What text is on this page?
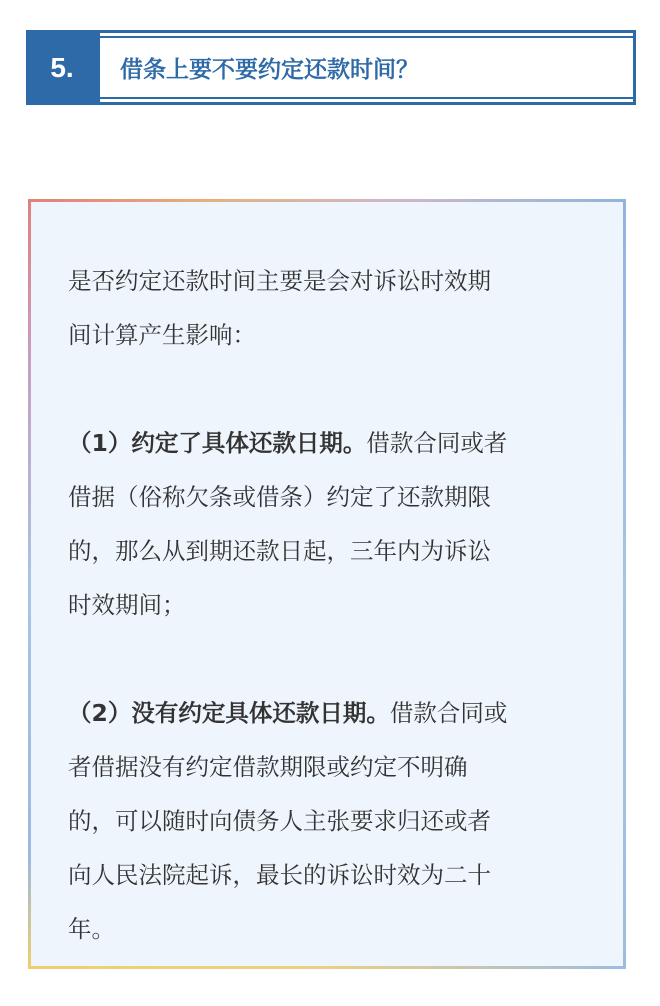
5.	借条上要不要约定还款时间？

是否约定还款时间主要是会对诉讼时效期

间计算产生影响：

（1）约定了具体还款日期。借款合同或者

借据（俗称欠条或借条）约定了还款期限

的，那么从到期还款日起，三年内为诉讼

时效期间；

（2）没有约定具体还款日期。借款合同或

者借据没有约定借款期限或约定不明确

的，可以随时向债务人主张要求归还或者

向人民法院起诉，最长的诉讼时效为二十

年。
